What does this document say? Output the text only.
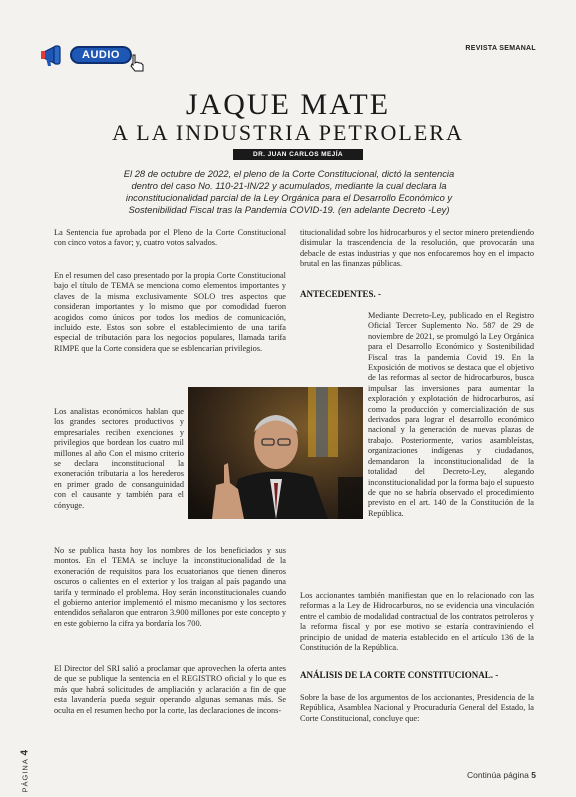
AUDIO
REVISTA SEMANAL
JAQUE MATE
A LA INDUSTRIA PETROLERA
DR. JUAN CARLOS MEJÍA
El 28 de octubre de 2022, el pleno de la Corte Constitucional, dictó la sentencia dentro del caso No. 110-21-IN/22 y acumulados, mediante la cual declara la inconstitucionalidad parcial de la Ley Orgánica para el Desarrollo Económico y Sostenibilidad Fiscal tras la Pandemia COVID-19. (en adelante Decreto -Ley)
La Sentencia fue aprobada por el Pleno de la Corte Constitucional con cinco votos a favor; y, cuatro votos salvados.
En el resumen del caso presentado por la propia Corte Constitucional bajo el título de TEMA se menciona como elementos importantes y claves de la misma exclusivamente SOLO tres aspectos que consideran importantes y lo mismo que por comodidad fueron acogidos como únicos por todos los medios de comunicación, incluido este. Estos son sobre el establecimiento de una tarifa especial de tributación para los negocios populares, llamada tarifa RIMPE que la Corte considera que se esblencarían privilegios.
Los analistas económicos hablan que los grandes sectores productivos y empresariales reciben exenciones y privilegios que bordean los cuatro mil millones al año Con el mismo criterio se declara inconstitucional la exoneración tributaria a los herederos en primer grado de consanguinidad con el causante y también para el cónyuge.
No se publica hasta hoy los nombres de los beneficiados y sus montos. En el TEMA se incluye la inconstitucionalidad de la exoneración de requisitos para los ecuatorianos que tienen dineros oscuros o calientes en el exterior y los traigan al país pagando una tarifa y terminado el problema. Hoy serán inconstitucionales cuando el gobierno anterior implementó el mismo mecanismo y los sectores entendidos señalaron que entraron 3.900 millones por este concepto y en este gobierno la cifra ya bordaría los 700.
El Director del SRI salió a proclamar que aprovechen la oferta antes de que se publique la sentencia en el REGISTRO oficial y lo que es más que habrá solicitudes de ampliación y aclaración a fin de que esta lavandería pueda seguir operando algunas semanas más. Se oculta en el resumen hecho por la corte, las declaraciones de incons-
titucionalidad sobre los hidrocarburos y el sector minero pretendiendo disimular la trascendencia de la resolución, que provocarán una debacle de estas industrias y que nos enfocaremos hoy en el impacto brutal en las finanzas públicas.
ANTECEDENTES. -
Mediante Decreto-Ley, publicado en el Registro Oficial Tercer Suplemento No. 587 de 29 de noviembre de 2021, se promulgó la Ley Orgánica para el Desarrollo Económico y Sostenibilidad Fiscal tras la pandemia Covid 19. En la Exposición de motivos se destaca que el objetivo de las reformas al sector de hidrocarburos, busca impulsar las inversiones para aumentar la exploración y explotación de hidrocarburos, así como la producción y comercialización de sus derivados para lograr el desarrollo económico nacional y la generación de nuevas plazas de trabajo. Posteriormente, varios asambleístas, organizaciones indígenas y ciudadanos, demandaron la inconstitucionalidad de la totalidad del Decreto-Ley, alegando inconstitucionalidad por la forma bajo el supuesto de que no se habría observado el procedimiento previsto en el art. 140 de la Constitución de la República.
Los accionantes también manifiestan que en lo relacionado con las reformas a la Ley de Hidrocarburos, no se evidencia una vinculación entre el cambio de modalidad contractual de los contratos petroleros y la reforma fiscal y por ese motivo se estaría contraviniendo el principio de unidad de materia establecido en el artículo 136 de la Constitución de la República.
ANÁLISIS DE LA CORTE CONSTITUCIONAL. -
Sobre la base de los argumentos de los accionantes, Presidencia de la República, Asamblea Nacional y Procuraduría General del Estado, la Corte Constitucional, concluye que:
PÁGINA 4
Continúa página 5
